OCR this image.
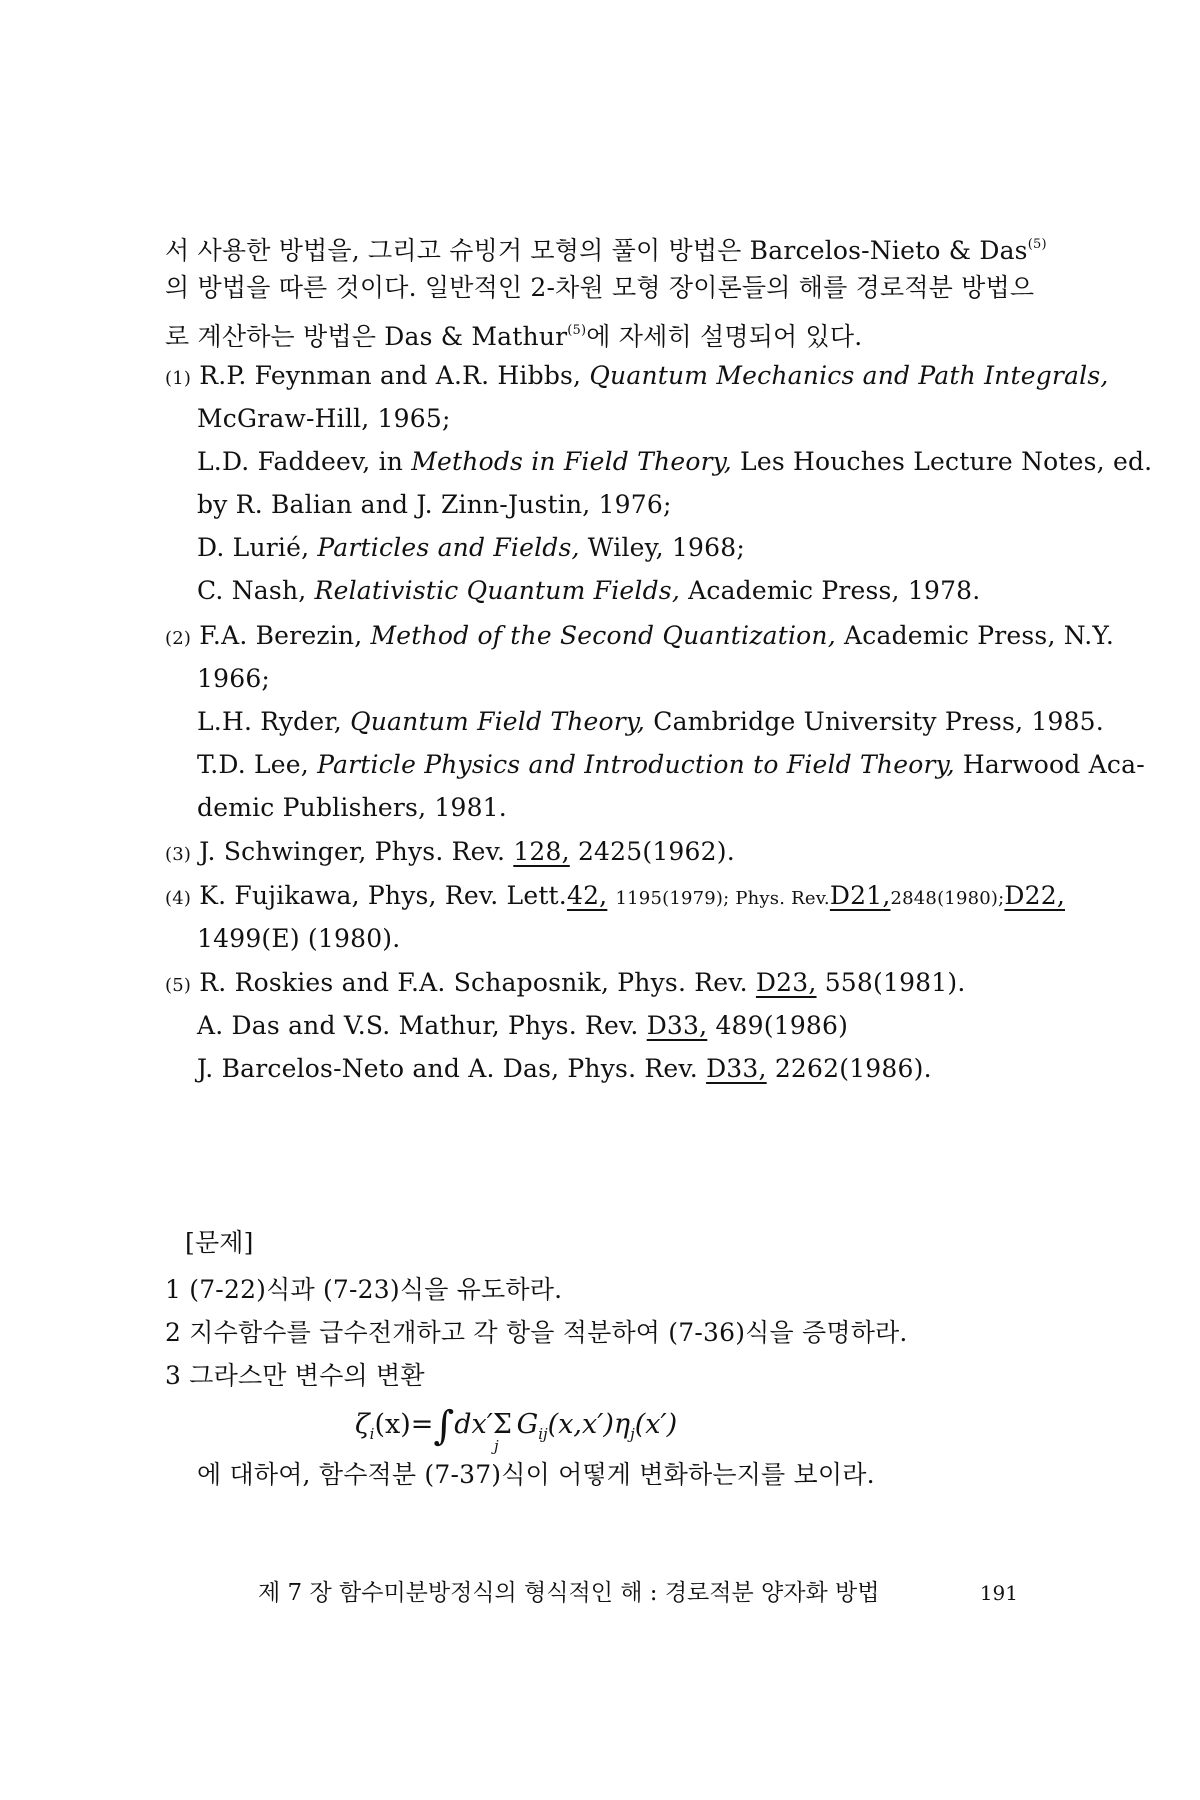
서 사용한 방법을, 그리고 슈빙거 모형의 풀이 방법은 Barcelos-Nieto & Das$^{(5)}$
의 방법을 따른 것이다. 일반적인 2-차원 모형 장이론들의 해를 경로적분 방법으
로 계산하는 방법은 Das & Mathur$^{(5)}$에 자세히 설명되어 있다.
(1) R.P. Feynman and A.R. Hibbs, Quantum Mechanics and Path Integrals,
McGraw-Hill, 1965;
L.D. Faddeev, in Methods in Field Theory, Les Houches Lecture Notes, ed.
by R. Balian and J. Zinn-Justin, 1976;
D. Lurié, Particles and Fields, Wiley, 1968;
C. Nash, Relativistic Quantum Fields, Academic Press, 1978.
(2) F.A. Berezin, Method of the Second Quantization, Academic Press, N.Y.
1966;
L.H. Ryder, Quantum Field Theory, Cambridge University Press, 1985.
T.D. Lee, Particle Physics and Introduction to Field Theory, Harwood Aca-
demic Publishers, 1981.
(3) J. Schwinger, Phys. Rev. 128, 2425(1962).
(4) K. Fujikawa, Phys, Rev. Lett.42, 1195(1979); Phys. Rev.D21,2848(1980);D22,
1499(E) (1980).
(5) R. Roskies and F.A. Schaposnik, Phys. Rev. D23, 558(1981).
A. Das and V.S. Mathur, Phys. Rev. D33, 489(1986)
J. Barcelos-Neto and A. Das, Phys. Rev. D33, 2262(1986).
[문제]
1 (7-22)식과 (7-23)식을 유도하라.
2 지수함수를 급수전개하고 각 항을 적분하여 (7-36)식을 증명하라.
3 그라스만 변수의 변환
$\zeta_i(x)=\int dx'\Sigma_jG_{ij}(x,x')\eta_j(x')$
에 대하여, 함수적분 (7-37)식이 어떻게 변화하는지를 보이라.
제 7 장 함수미분방정식의 형식적인 해 : 경로적분 양자화 방법	191
